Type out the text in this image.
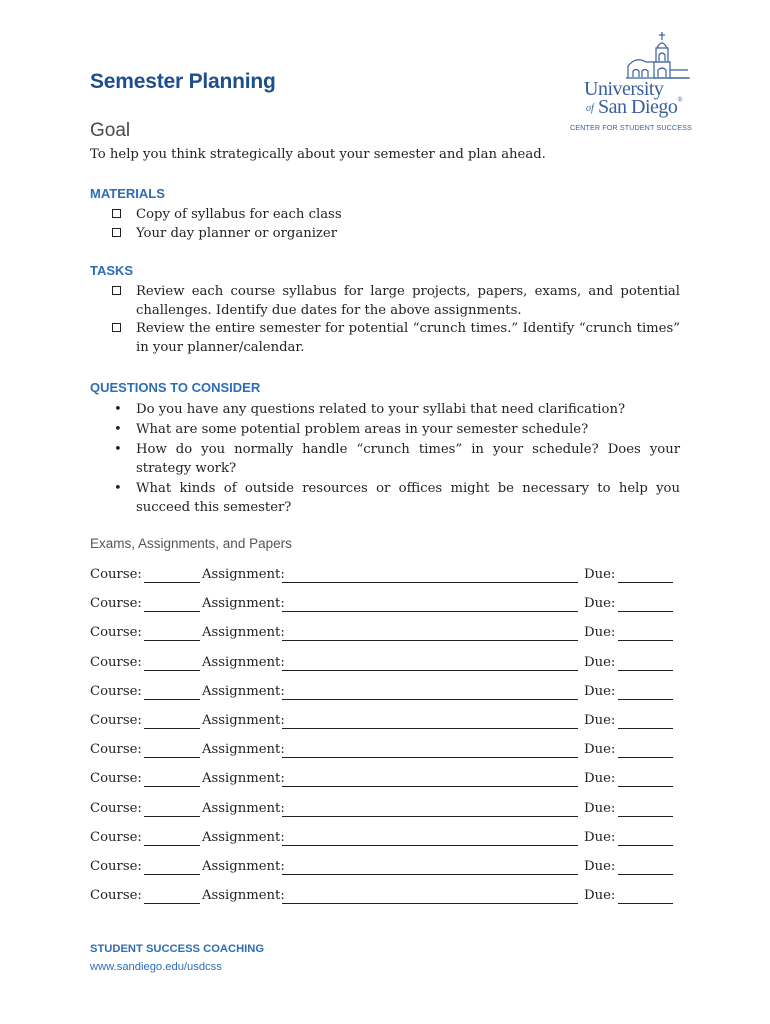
Semester Planning	University
of San Diego®
CENTER FOR STUDENT SUCCESS
Goal
To help you think strategically about your semester and plan ahead.
MATERIALS
Copy of syllabus for each class
Your day planner or organizer
TASKS
Review each course syllabus for large projects, papers, exams, and potential challenges. Identify due dates for the above assignments.
Review the entire semester for potential “crunch times.” Identify “crunch times” in your planner/calendar.
QUESTIONS TO CONSIDER
• Do you have any questions related to your syllabi that need clarification?
• What are some potential problem areas in your semester schedule?
• How do you normally handle “crunch times” in your schedule? Does your strategy work?
• What kinds of outside resources or offices might be necessary to help you succeed this semester?
Exams, Assignments, and Papers
Course:	Assignment:	Due:
Course:	Assignment:	Due:
Course:	Assignment:	Due:
Course:	Assignment:	Due:
Course:	Assignment:	Due:
Course:	Assignment:	Due:
Course:	Assignment:	Due:
Course:	Assignment:	Due:
Course:	Assignment:	Due:
Course:	Assignment:	Due:
Course:	Assignment:	Due:
Course:	Assignment:	Due:
STUDENT SUCCESS COACHING
www.sandiego.edu/usdcss
